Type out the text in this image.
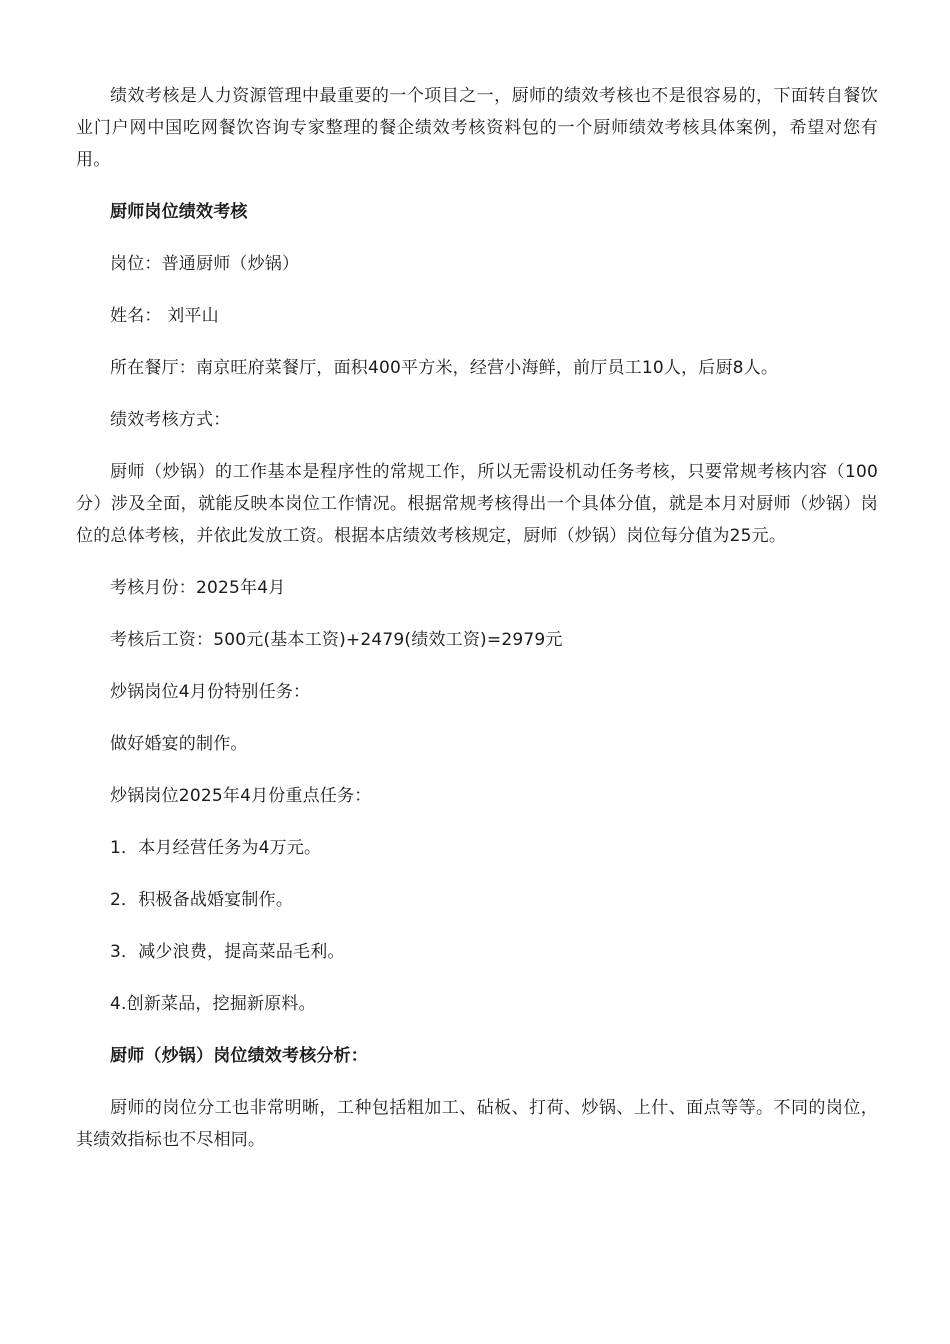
绩效考核是人力资源管理中最重要的一个项目之一，厨师的绩效考核也不是很容易的，下面转自餐饮业门户网中国吃网餐饮咨询专家整理的餐企绩效考核资料包的一个厨师绩效考核具体案例，希望对您有用。

厨师岗位绩效考核

岗位：普通厨师（炒锅）

姓名： 刘平山

所在餐厅：南京旺府菜餐厅，面积400平方米，经营小海鲜，前厅员工10人，后厨8人。

绩效考核方式：

厨师（炒锅）的工作基本是程序性的常规工作，所以无需设机动任务考核，只要常规考核内容（100分）涉及全面，就能反映本岗位工作情况。根据常规考核得出一个具体分值，就是本月对厨师（炒锅）岗位的总体考核，并依此发放工资。根据本店绩效考核规定，厨师（炒锅）岗位每分值为25元。

考核月份：2025年4月

考核后工资：500元(基本工资)+2479(绩效工资)=2979元

炒锅岗位4月份特别任务：

做好婚宴的制作。

炒锅岗位2025年4月份重点任务：

1．本月经营任务为4万元。

2．积极备战婚宴制作。

3．减少浪费，提高菜品毛利。

4.创新菜品，挖掘新原料。

厨师（炒锅）岗位绩效考核分析：

厨师的岗位分工也非常明晰，工种包括粗加工、砧板、打荷、炒锅、上什、面点等等。不同的岗位，其绩效指标也不尽相同。
